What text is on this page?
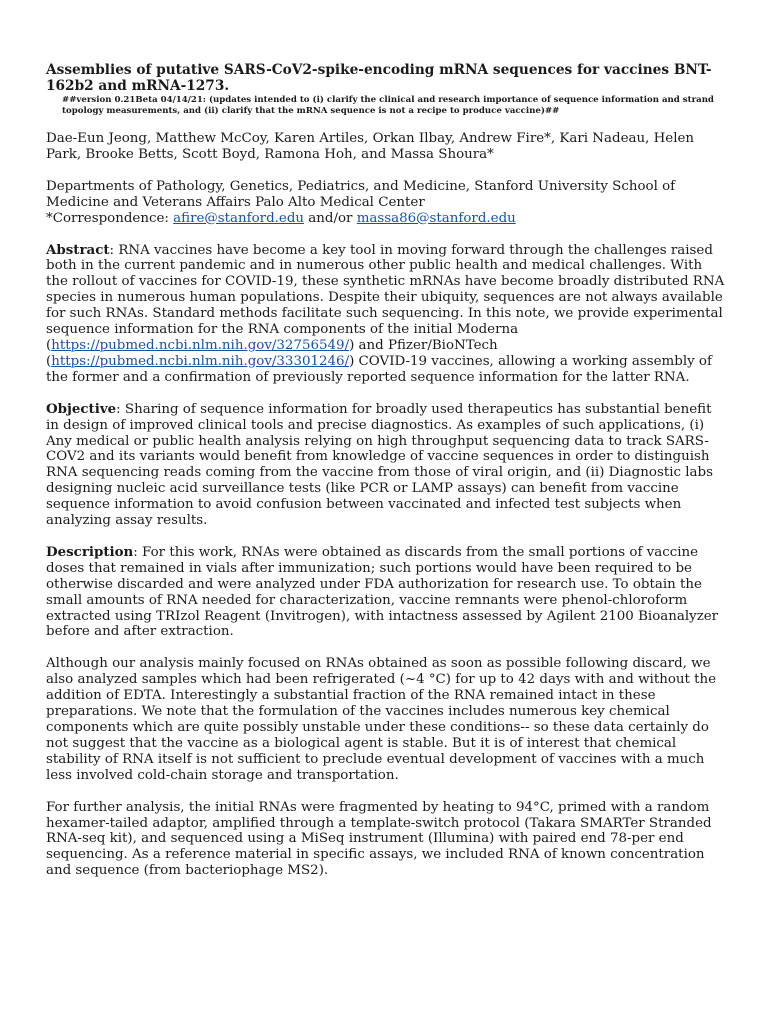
Assemblies of putative SARS-CoV2-spike-encoding mRNA sequences for vaccines BNT-162b2 and mRNA-1273.

##version 0.21Beta 04/14/21: (updates intended to (i) clarify the clinical and research importance of sequence information and strand topology measurements, and (ii) clarify that the mRNA sequence is not a recipe to produce vaccine)##

Dae-Eun Jeong, Matthew McCoy, Karen Artiles, Orkan Ilbay, Andrew Fire*, Kari Nadeau, Helen Park, Brooke Betts, Scott Boyd, Ramona Hoh, and Massa Shoura*

Departments of Pathology, Genetics, Pediatrics, and Medicine, Stanford University School of Medicine and Veterans Affairs Palo Alto Medical Center

*Correspondence: afire@stanford.edu and/or massa86@stanford.edu

Abstract: RNA vaccines have become a key tool in moving forward through the challenges raised both in the current pandemic and in numerous other public health and medical challenges. With the rollout of vaccines for COVID-19, these synthetic mRNAs have become broadly distributed RNA species in numerous human populations. Despite their ubiquity, sequences are not always available for such RNAs. Standard methods facilitate such sequencing. In this note, we provide experimental sequence information for the RNA components of the initial Moderna (https://pubmed.ncbi.nlm.nih.gov/32756549/) and Pfizer/BioNTech (https://pubmed.ncbi.nlm.nih.gov/33301246/) COVID-19 vaccines, allowing a working assembly of the former and a confirmation of previously reported sequence information for the latter RNA.

Objective: Sharing of sequence information for broadly used therapeutics has substantial benefit in design of improved clinical tools and precise diagnostics. As examples of such applications, (i) Any medical or public health analysis relying on high throughput sequencing data to track SARS-COV2 and its variants would benefit from knowledge of vaccine sequences in order to distinguish RNA sequencing reads coming from the vaccine from those of viral origin, and (ii) Diagnostic labs designing nucleic acid surveillance tests (like PCR or LAMP assays) can benefit from vaccine sequence information to avoid confusion between vaccinated and infected test subjects when analyzing assay results.

Description: For this work, RNAs were obtained as discards from the small portions of vaccine doses that remained in vials after immunization; such portions would have been required to be otherwise discarded and were analyzed under FDA authorization for research use. To obtain the small amounts of RNA needed for characterization, vaccine remnants were phenol-chloroform extracted using TRIzol Reagent (Invitrogen), with intactness assessed by Agilent 2100 Bioanalyzer before and after extraction.

Although our analysis mainly focused on RNAs obtained as soon as possible following discard, we also analyzed samples which had been refrigerated (~4 °C) for up to 42 days with and without the addition of EDTA. Interestingly a substantial fraction of the RNA remained intact in these preparations. We note that the formulation of the vaccines includes numerous key chemical components which are quite possibly unstable under these conditions-- so these data certainly do not suggest that the vaccine as a biological agent is stable. But it is of interest that chemical stability of RNA itself is not sufficient to preclude eventual development of vaccines with a much less involved cold-chain storage and transportation.

For further analysis, the initial RNAs were fragmented by heating to 94°C, primed with a random hexamer-tailed adaptor, amplified through a template-switch protocol (Takara SMARTer Stranded RNA-seq kit), and sequenced using a MiSeq instrument (Illumina) with paired end 78-per end sequencing. As a reference material in specific assays, we included RNA of known concentration and sequence (from bacteriophage MS2).
